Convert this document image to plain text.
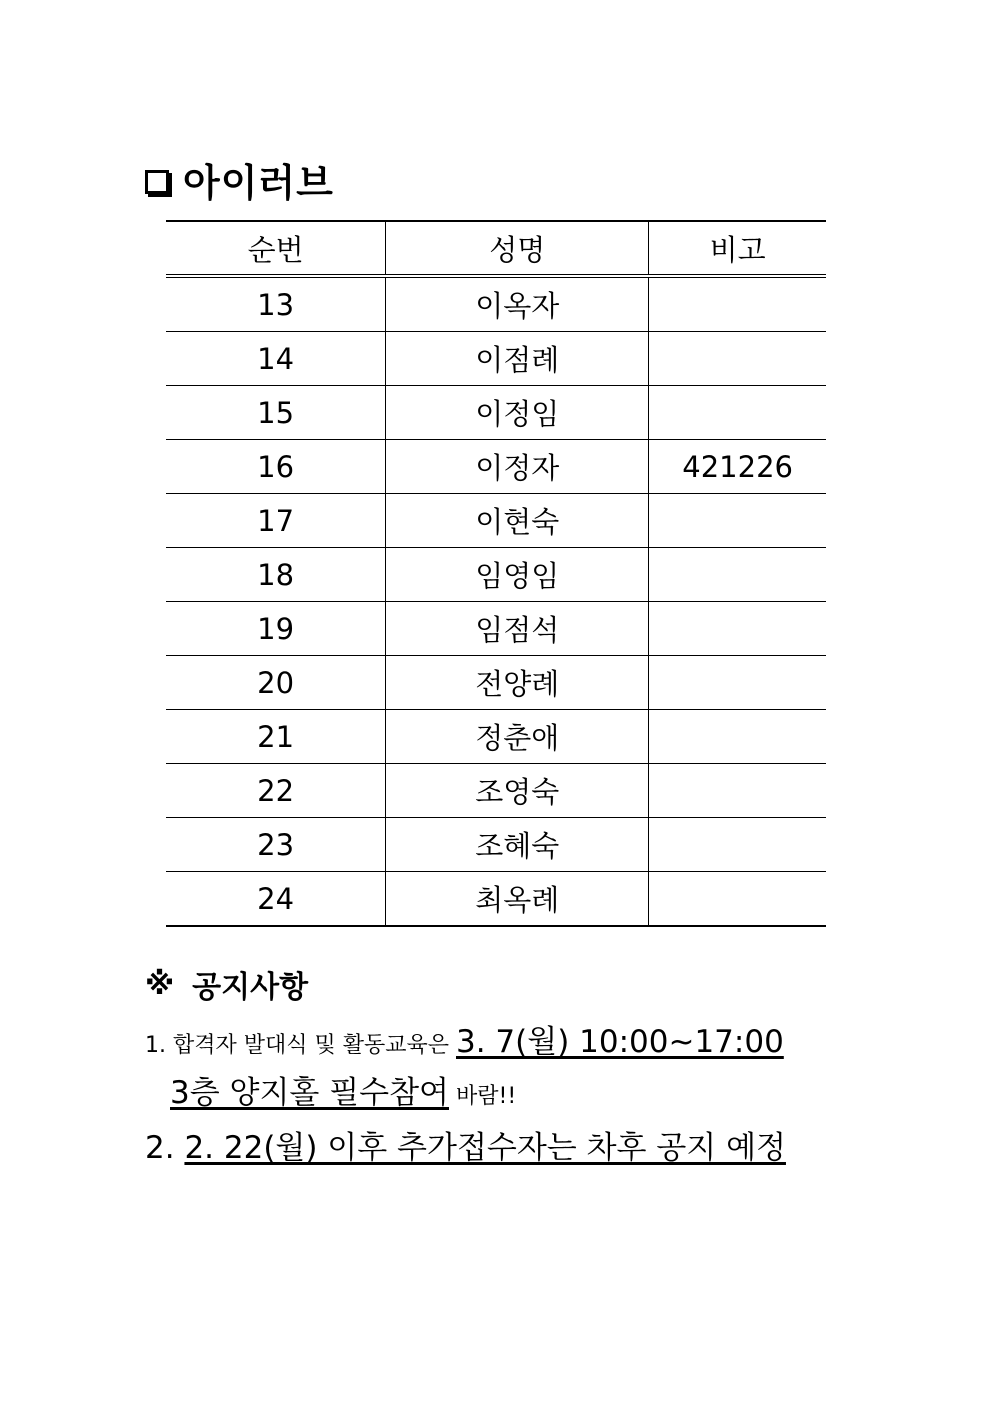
아이러브
순번	성명	비고
13	이옥자	
14	이점례	
15	이정임	
16	이정자	421226
17	이현숙	
18	임영임	
19	임점석	
20	전양례	
21	정춘애	
22	조영숙	
23	조혜숙	
24	최옥례	
※ 공지사항
1. 합격자 발대식 및 활동교육은 3. 7(월) 10:00~17:00
3층 양지홀 필수참여 바람!!
2. 2. 22(월) 이후 추가접수자는 차후 공지 예정
